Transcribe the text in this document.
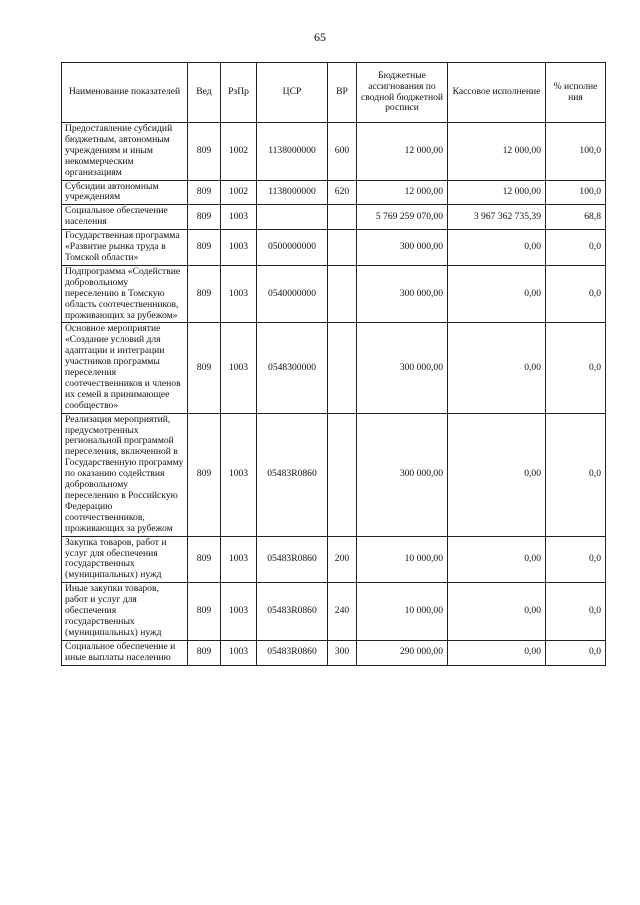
65
Наименование показателей	Вед	РзПр	ЦСР	ВР	Бюджетные ассигнования по сводной бюджетной росписи	Кассовое исполнение	% исполне ния
Предоставление субсидий бюджетным, автономным учреждениям и иным некоммерческим организациям	809	1002	1138000000	600	12 000,00	12 000,00	100,0
Субсидии автономным учреждениям	809	1002	1138000000	620	12 000,00	12 000,00	100,0
Социальное обеспечение населения	809	1003			5 769 259 070,00	3 967 362 735,39	68,8
Государственная программа «Развитие рынка труда в Томской области»	809	1003	0500000000		300 000,00	0,00	0,0
Подпрограмма «Содействие добровольному переселению в Томскую область соотечественников, проживающих за рубежом»	809	1003	0540000000		300 000,00	0,00	0,0
Основное мероприятие «Создание условий для адаптации и интеграции участников программы переселения соотечественников и членов их семей в принимающее сообщество»	809	1003	0548300000		300 000,00	0,00	0,0
Реализация мероприятий, предусмотренных региональной программой переселения, включенной в Государственную программу по оказанию содействия добровольному переселению в Российскую Федерацию соотечественников, проживающих за рубежом	809	1003	05483R0860		300 000,00	0,00	0,0
Закупка товаров, работ и услуг для обеспечения государственных (муниципальных) нужд	809	1003	05483R0860	200	10 000,00	0,00	0,0
Иные закупки товаров, работ и услуг для обеспечения государственных (муниципальных) нужд	809	1003	05483R0860	240	10 000,00	0,00	0,0
Социальное обеспечение и иные выплаты населению	809	1003	05483R0860	300	290 000,00	0,00	0,0
